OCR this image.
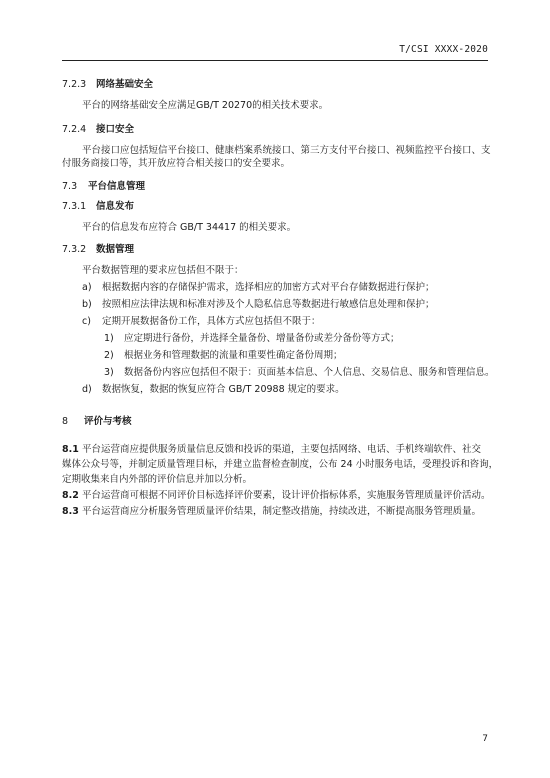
T/CSI XXXX-2020
7.2.3 网络基础安全
平台的网络基础安全应满足GB/T 20270的相关技术要求。
7.2.4 接口安全
平台接口应包括短信平台接口、健康档案系统接口、第三方支付平台接口、视频监控平台接口、支
付服务商接口等，其开放应符合相关接口的安全要求。
7.3 平台信息管理
7.3.1 信息发布
平台的信息发布应符合 GB/T 34417 的相关要求。
7.3.2 数据管理
平台数据管理的要求应包括但不限于：
a) 根据数据内容的存储保护需求，选择相应的加密方式对平台存储数据进行保护；
b) 按照相应法律法规和标准对涉及个人隐私信息等数据进行敏感信息处理和保护；
c) 定期开展数据备份工作，具体方式应包括但不限于：
1) 应定期进行备份，并选择全量备份、增量备份或差分备份等方式；
2) 根据业务和管理数据的流量和重要性确定备份周期；
3) 数据备份内容应包括但不限于：页面基本信息、个人信息、交易信息、服务和管理信息。
d) 数据恢复，数据的恢复应符合 GB/T 20988 规定的要求。
8 评价与考核
8.1 平台运营商应提供服务质量信息反馈和投诉的渠道，主要包括网络、电话、手机终端软件、社交
媒体公众号等，并制定质量管理目标，并建立监督检查制度，公布 24 小时服务电话，受理投诉和咨询，
定期收集来自内外部的评价信息并加以分析。
8.2 平台运营商可根据不同评价目标选择评价要素，设计评价指标体系，实施服务管理质量评价活动。
8.3 平台运营商应分析服务管理质量评价结果，制定整改措施，持续改进，不断提高服务管理质量。
7
